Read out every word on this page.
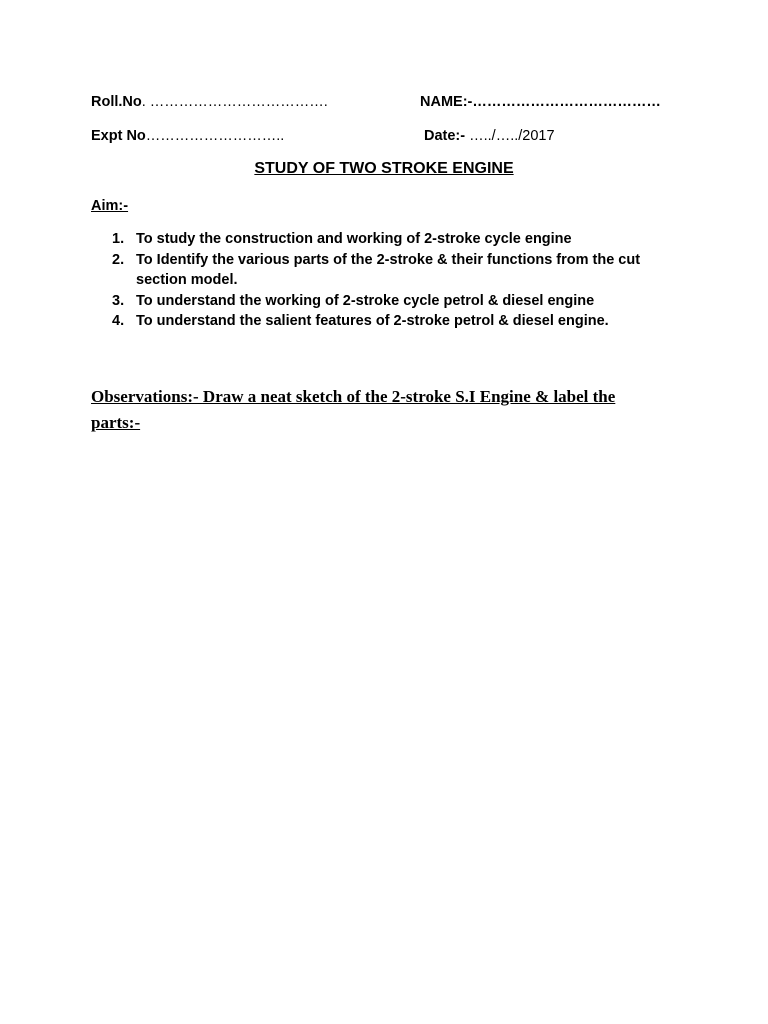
Roll.No. ……………………………….	NAME:-…………………………………
Expt No………………………..	Date:- …../…../2017
STUDY OF TWO STROKE ENGINE
Aim:-
1. To study the construction and working of 2-stroke cycle engine
2. To Identify the various parts of the 2-stroke & their functions from the cut section model.
3. To understand the working of 2-stroke cycle petrol & diesel engine
4. To understand the salient features of 2-stroke petrol & diesel engine.
Observations:- Draw a neat sketch of the 2-stroke S.I Engine & label the parts:-
